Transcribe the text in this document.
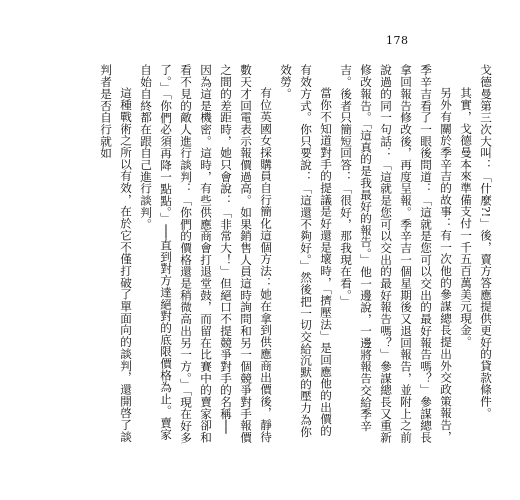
178

戈德曼第三次大叫：「什麼?!」後，賣方答應提供更好的貸款條件。

其實，戈德曼本來準備支付一千五百萬美元現金。

另外有關於季辛吉的故事：有一次他的參謀總長提出外交政策報告，季辛吉看了一眼後問道：「這就是您可以交出的最好報告嗎？」參謀總長拿回報告修改後，再度呈報。季辛吉一個星期後又退回報告，並附上之前說過的同一句話：「這就是您可以交出的最好報告嗎？」參謀總長又重新修改報告。「這真的是我最好的報告。」他一邊說，一邊將報告交給季辛吉。後者只簡短回答：「很好，那我現在看。」

當你不知道對手的提議是好還是壞時，「擠壓法」是回應他的出價的有效方式。你只要說：「這還不夠好。」然後把一切交給沉默的壓力為你效勞。

有位英國女採購員自行簡化這個方法：她在拿到供應商出價後，靜待數天才回電表示報價過高。如果銷售人員這時詢問和另一個競爭對手報價之間的差距時，她只會說：「非常大！」但絕口不提競爭對手的名稱──因為這是機密。這時，有些供應商會打退堂鼓，而留在比賽中的賣家卻和看不見的敵人進行談判：「你們的價格還是稍微高出另一方。」「現在好多了。」「你們必須再降一點點。」──直到對方達絕對的底限價格為止。賣家自始自終都在跟自己進行談判。

這種戰術之所以有效，在於它不僅打破了單面向的談判，還開啓了談判者是否自行就如
